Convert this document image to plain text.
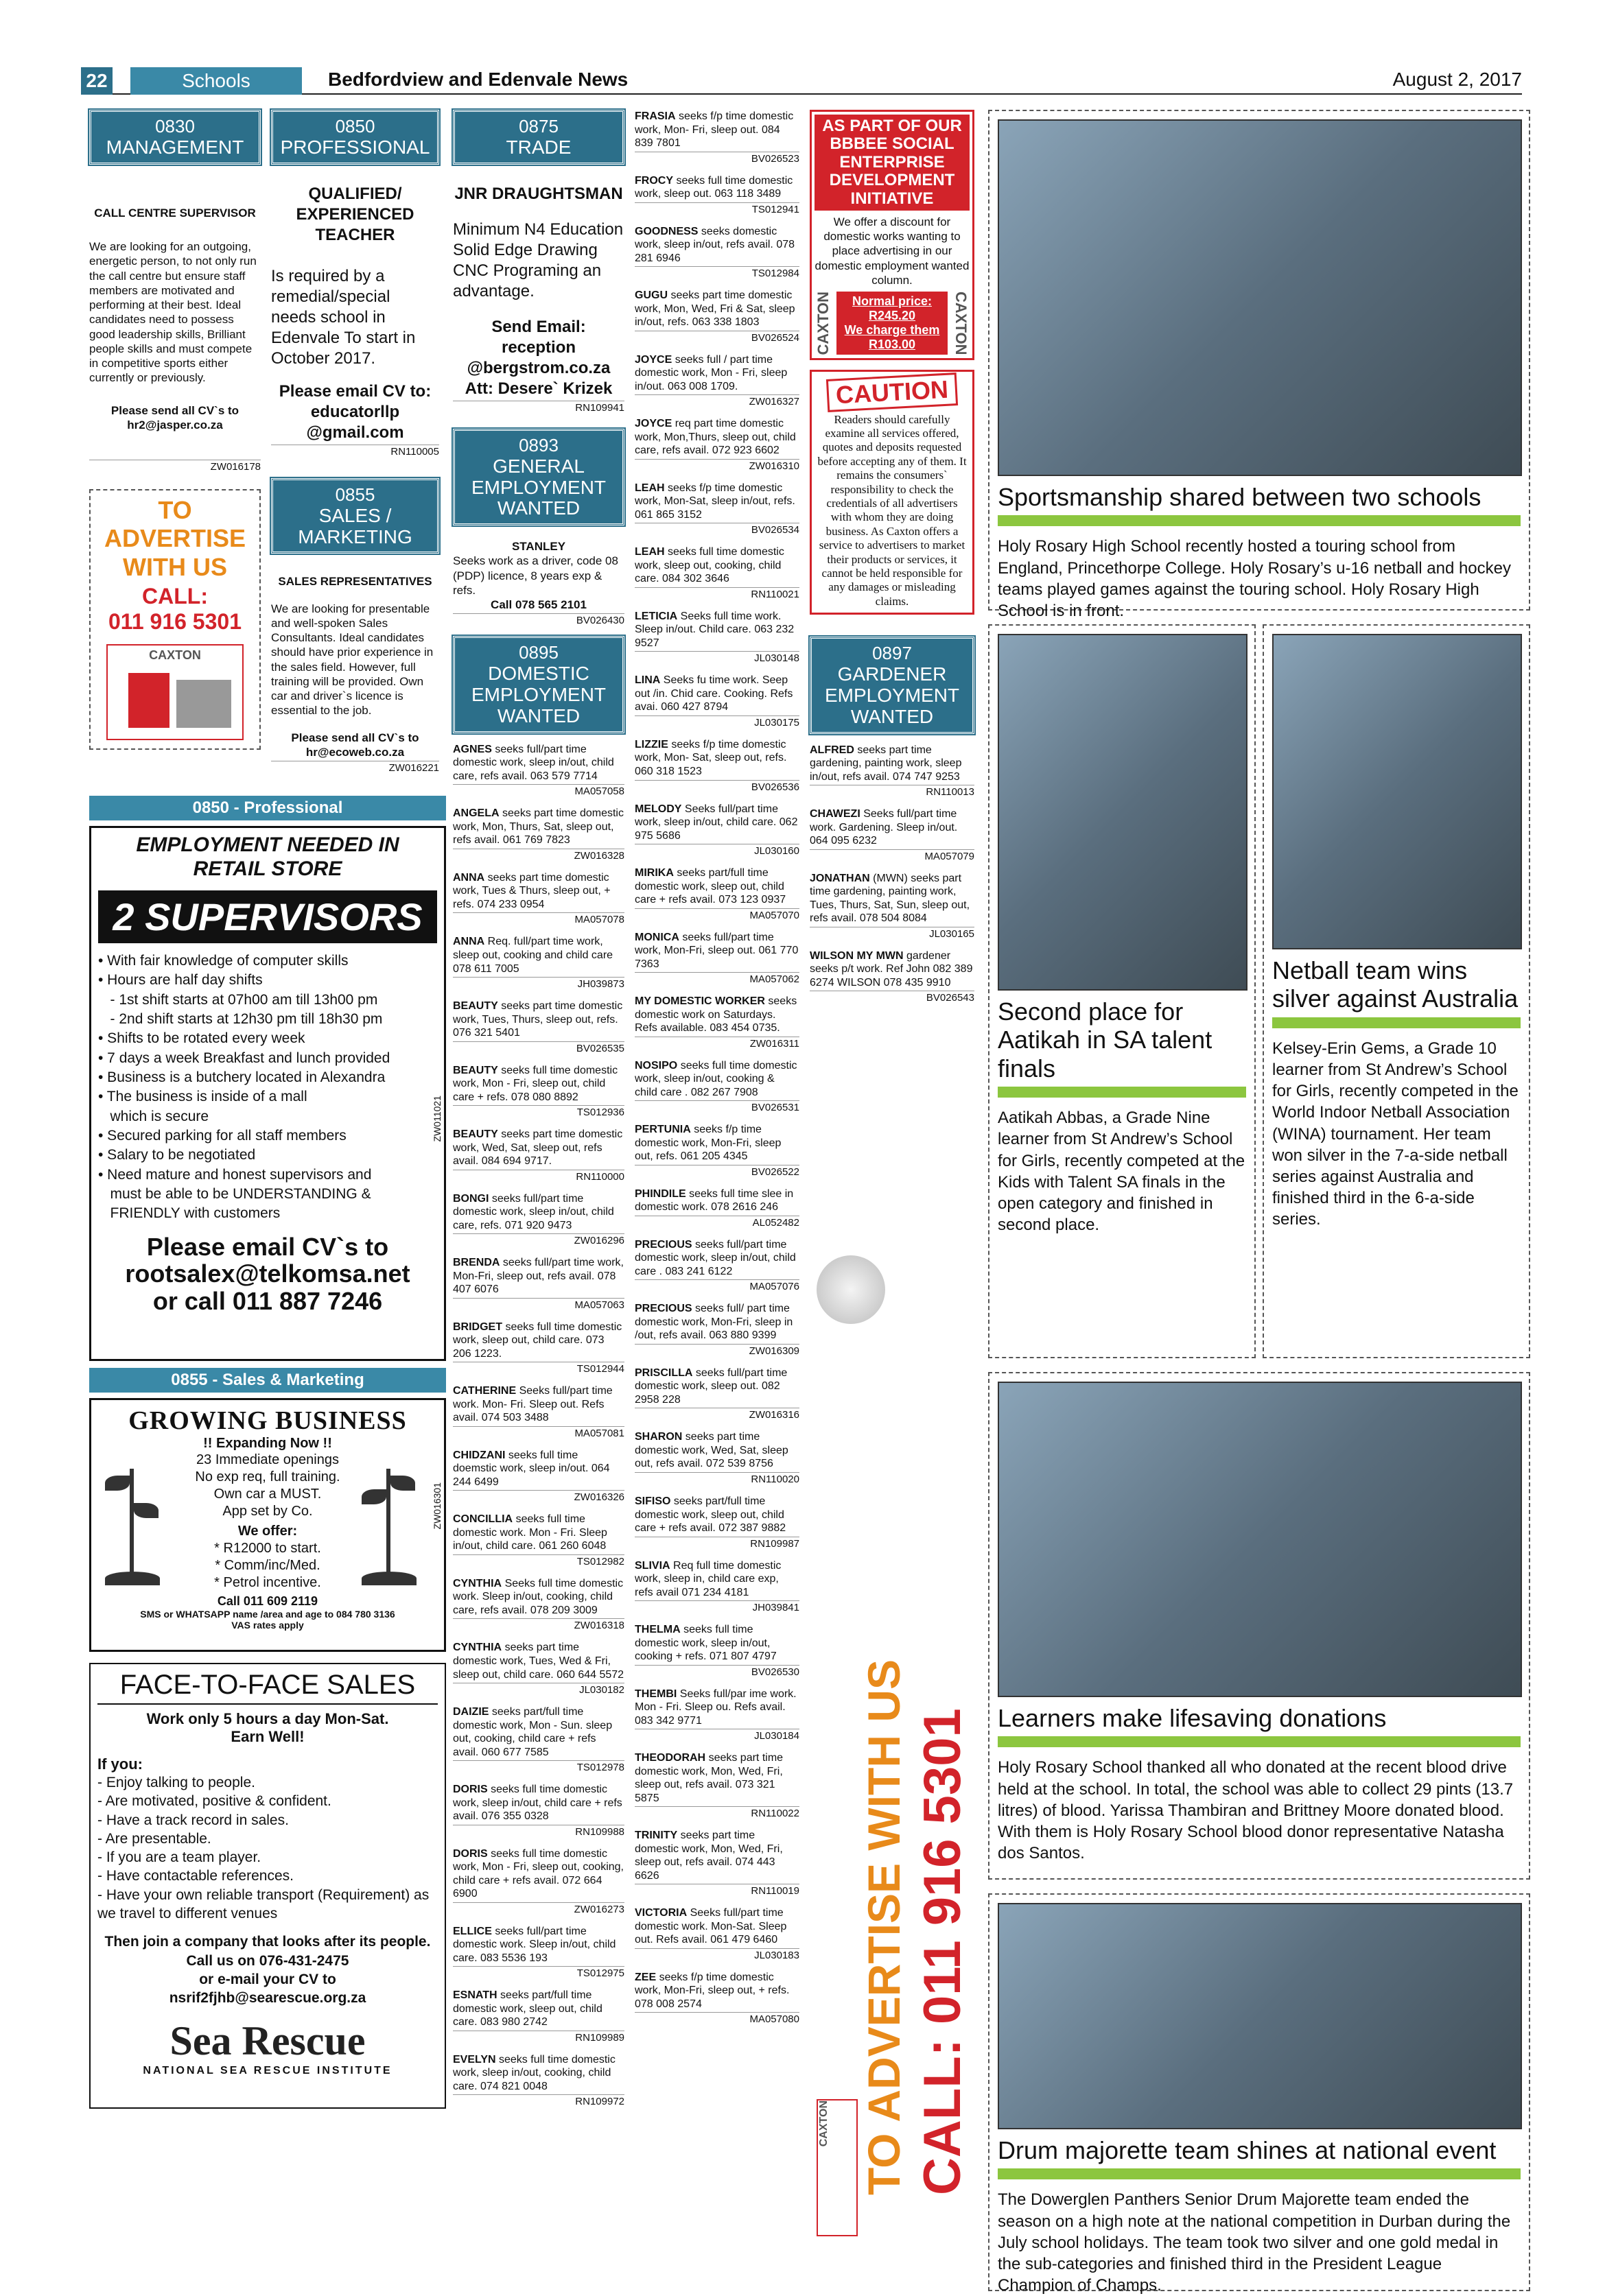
22	Schools	Bedfordview and Edenvale News	August 2, 2017
0830
MANAGEMENT
CALL CENTRE SUPERVISOR
We are looking for an outgoing, energetic person, to not only run the call centre but ensure staff members are motivated and performing at their best. Ideal candidates need to possess good leadership skills, Brilliant people skills and must compete in competitive sports either currently or previously.
Please send all CV`s to hr2@jasper.co.za
ZW016178
TO
ADVERTISE
WITH US
CALL:
011 916 5301
CAXTON
0850
PROFESSIONAL
QUALIFIED/ EXPERIENCED TEACHER
Is required by a remedial/special needs school in Edenvale To start in October 2017.
Please email CV to: educatorllp @gmail.com
RN110005
0855
SALES / MARKETING
SALES REPRESENTATIVES
We are looking for presentable and well-spoken Sales Consultants. Ideal candidates should have prior experience in the sales field. However, full training will be provided. Own car and driver`s licence is essential to the job.
Please send all CV`s to hr@ecoweb.co.za
ZW016221
0875
TRADE
JNR DRAUGHTSMAN
Minimum N4 Education Solid Edge Drawing CNC Programing an advantage.
Send Email: reception @bergstrom.co.za Att: Desere` Krizek
RN109941
0893
GENERAL EMPLOYMENT WANTED
STANLEY
Seeks work as a driver, code 08 (PDP) licence, 8 years exp & refs.
Call 078 565 2101
BV026430
0895
DOMESTIC EMPLOYMENT WANTED
AGNES seeks full/part time domestic work, sleep in/out, child care, refs avail. 063 579 7714
MA057058
ANGELA seeks part time domestic work, Mon, Thurs, Sat, sleep out, refs avail. 061 769 7823
ZW016328
ANNA seeks part time domestic work, Tues & Thurs, sleep out, + refs. 074 233 0954
MA057078
ANNA Req. full/part time work, sleep out, cooking and child care 078 611 7005
JH039873
BEAUTY seeks part time domestic work, Tues, Thurs, sleep out, refs. 076 321 5401
BV026535
BEAUTY seeks full time domestic work, Mon - Fri, sleep out, child care + refs. 078 080 8892
TS012936
BEAUTY seeks part time domestic work, Wed, Sat, sleep out, refs avail. 084 694 9717.
RN110000
BONGI seeks full/part time domestic work, sleep in/out, child care, refs. 071 920 9473
ZW016296
BRENDA seeks full/part time work, Mon-Fri, sleep out, refs avail. 078 407 6076
MA057063
BRIDGET seeks full time domestic work, sleep out, child care. 073 206 1223.
TS012944
CATHERINE Seeks full/part time work. Mon- Fri. Sleep out. Refs avail. 074 503 3488
MA057081
CHIDZANI seeks full time doemstic work, sleep in/out. 064 244 6499
ZW016326
CONCILLIA seeks full time domestic work. Mon - Fri. Sleep in/out, child care. 061 260 6048
TS012982
CYNTHIA Seeks full time domestic work. Sleep in/out, cooking, child care, refs avail. 078 209 3009
ZW016318
CYNTHIA seeks part time domestic work, Tues, Wed & Fri, sleep out, child care. 060 644 5572
JL030182
DAIZIE seeks part/full time domestic work, Mon - Sun. sleep out, cooking, child care + refs avail. 060 677 7585
TS012978
DORIS seeks full time domestic work, sleep in/out, child care + refs avail. 076 355 0328
RN109988
DORIS seeks full time domestic work, Mon - Fri, sleep out, cooking, child care + refs avail. 072 664 6900
ZW016273
ELLICE seeks full/part time domestic work. Sleep in/out, child care. 083 5536 193
TS012975
ESNATH seeks part/full time domestic work, sleep out, child care. 083 980 2742
RN109989
EVELYN seeks full time domestic work, sleep in/out, cooking, child care. 074 821 0048
RN109972
FRASIA seeks f/p time domestic work, Mon- Fri, sleep out. 084 839 7801
BV026523
FROCY seeks full time domestic work, sleep out. 063 118 3489
TS012941
GOODNESS seeks domestic work, sleep in/out, refs avail. 078 281 6946
TS012984
GUGU seeks part time domestic work, Mon, Wed, Fri & Sat, sleep in/out, refs. 063 338 1803
BV026524
JOYCE seeks full / part time domestic work, Mon - Fri, sleep in/out. 063 008 1709.
ZW016327
JOYCE req part time domestic work, Mon,Thurs, sleep out, child care, refs avail. 072 923 6602
ZW016310
LEAH seeks f/p time domestic work, Mon-Sat, sleep in/out, refs. 061 865 3152
BV026534
LEAH seeks full time domestic work, sleep out, cooking, child care. 084 302 3646
RN110021
LETICIA Seeks full time work. Sleep in/out. Child care. 063 232 9527
JL030148
LINA Seeks fu time work. Seep out /in. Chid care. Cooking. Refs avai. 060 427 8794
JL030175
LIZZIE seeks f/p time domestic work, Mon- Sat, sleep out, refs. 060 318 1523
BV026536
MELODY Seeks full/part time work, sleep in/out, child care. 062 975 5686
JL030160
MIRIKA seeks part/full time domestic work, sleep out, child care + refs avail. 073 123 0937
MA057070
MONICA seeks full/part time work, Mon-Fri, sleep out. 061 770 7363
MA057062
MY DOMESTIC WORKER seeks domestic work on Saturdays. Refs available. 083 454 0735.
ZW016311
NOSIPO seeks full time domestic work, sleep in/out, cooking & child care . 082 267 7908
BV026531
PERTUNIA seeks f/p time domestic work, Mon-Fri, sleep out, refs. 061 205 4345
BV026522
PHINDILE seeks full time slee in domestic work. 078 2616 246
AL052482
PRECIOUS seeks full/part time domestic work, sleep in/out, child care . 083 241 6122
MA057076
PRECIOUS seeks full/ part time domestic work, Mon-Fri, sleep in /out, refs avail. 063 880 9399
ZW016309
PRISCILLA seeks full/part time domestic work, sleep out. 082 2958 228
ZW016316
SHARON seeks part time domestic work, Wed, Sat, sleep out, refs avail. 072 539 8756
RN110020
SIFISO seeks part/full time domestic work, sleep out, child care + refs avail. 072 387 9882
RN109987
SLIVIA Req full time domestic work, sleep in, child care exp, refs avail 071 234 4181
JH039841
THELMA seeks full time domestic work, sleep in/out, cooking + refs. 071 807 4797
BV026530
THEMBI Seeks full/par ime work. Mon - Fri. Sleep ou. Refs avail. 083 342 9771
JL030184
THEODORAH seeks part time domestic work, Mon, Wed, Fri, sleep out, refs avail. 073 321 5875
RN110022
TRINITY seeks part time domestic work, Mon, Wed, Fri, sleep out, refs avail. 074 443 6626
RN110019
VICTORIA Seeks full/part time domestic work. Mon-Sat. Sleep out. Refs avail. 061 479 6460
JL030183
ZEE seeks f/p time domestic work, Mon-Fri, sleep out, + refs. 078 008 2574
MA057080
AS PART OF OUR BBBEE SOCIAL ENTERPRISE DEVELOPMENT INITIATIVE
We offer a discount for domestic works wanting to place advertising in our domestic employment wanted column.
CAXTON	Normal price: R245.20
We charge them R103.00	CAXTON
CAUTION
Readers should carefully examine all services offered, quotes and deposits requested before accepting any of them. It remains the consumers` responsibility to check the credentials of all advertisers with whom they are doing business. As Caxton offers a service to advertisers to market their products or services, it cannot be held responsible for any damages or misleading claims.
0897
GARDENER EMPLOYMENT WANTED
ALFRED seeks part time gardening, painting work, sleep in/out, refs avail. 074 747 9253
RN110013
CHAWEZI Seeks full/part time work. Gardening. Sleep in/out. 064 095 6232
MA057079
JONATHAN (MWN) seeks part time gardening, painting work, Tues, Thurs, Sat, Sun, sleep out, refs avail. 078 504 8084
JL030165
WILSON MY MWN gardener seeks p/t work. Ref John 082 389 6274 WILSON 078 435 9910
BV026543
TO ADVERTISE WITH US CALL: 011 916 5301
CAXTON
0850 - Professional
EMPLOYMENT NEEDED IN RETAIL STORE
2 SUPERVISORS
• With fair knowledge of computer skills
• Hours are half day shifts
- 1st shift starts at 07h00 am till 13h00 pm
- 2nd shift starts at 12h30 pm till 18h30 pm
• Shifts to be rotated every week
• 7 days a week Breakfast and lunch provided
• Business is a butchery located in Alexandra
• The business is inside of a mall
which is secure
• Secured parking for all staff members
• Salary to be negotiated
• Need mature and honest supervisors and
must be able to be UNDERSTANDING &
FRIENDLY with customers
Please email CV`s to
rootsalex@telkomsa.net
or call 011 887 7246
ZW011021
0855 - Sales & Marketing
GROWING BUSINESS
!! Expanding Now !!
23 Immediate openings
No exp req, full training.
Own car a MUST.
App set by Co.
We offer:
* R12000 to start.
* Comm/inc/Med.
* Petrol incentive.
Call 011 609 2119
SMS or WHATSAPP name /area and age to 084 780 3136
VAS rates apply
ZW016301
FACE-TO-FACE SALES
Work only 5 hours a day Mon-Sat.
Earn Well!
If you:
- Enjoy talking to people.
- Are motivated, positive & confident.
- Have a track record in sales.
- Are presentable.
- If you are a team player.
- Have contactable references.
- Have your own reliable transport (Requirement) as we travel to different venues
Then join a company that looks after its people.
Call us on 076-431-2475
or e-mail your CV to
nsrif2fjhb@searescue.org.za
Sea Rescue
NATIONAL SEA RESCUE INSTITUTE
Sportsmanship shared between two schools
Holy Rosary High School recently hosted a touring school from England, Princethorpe College. Holy Rosary’s u-16 netball and hockey teams played games against the touring school. Holy Rosary High School is in front.
Second place for Aatikah in SA talent finals
Aatikah Abbas, a Grade Nine learner from St Andrew’s School for Girls, recently competed at the Kids with Talent SA finals in the open category and finished in second place.
Netball team wins silver against Australia
Kelsey-Erin Gems, a Grade 10 learner from St Andrew’s School for Girls, recently competed in the World Indoor Netball Association (WINA) tournament. Her team won silver in the 7-a-side netball series against Australia and finished third in the 6-a-side series.
Learners make lifesaving donations
Holy Rosary School thanked all who donated at the recent blood drive held at the school. In total, the school was able to collect 29 pints (13.7 litres) of blood. Yarissa Thambiran and Brittney Moore donated blood. With them is Holy Rosary School blood donor representative Natasha dos Santos.
Drum majorette team shines at national event
The Dowerglen Panthers Senior Drum Majorette team ended the season on a high note at the national competition in Durban during the July school holidays. The team took two silver and one gold medal in the sub-categories and finished third in the President League Champion of Champs.
